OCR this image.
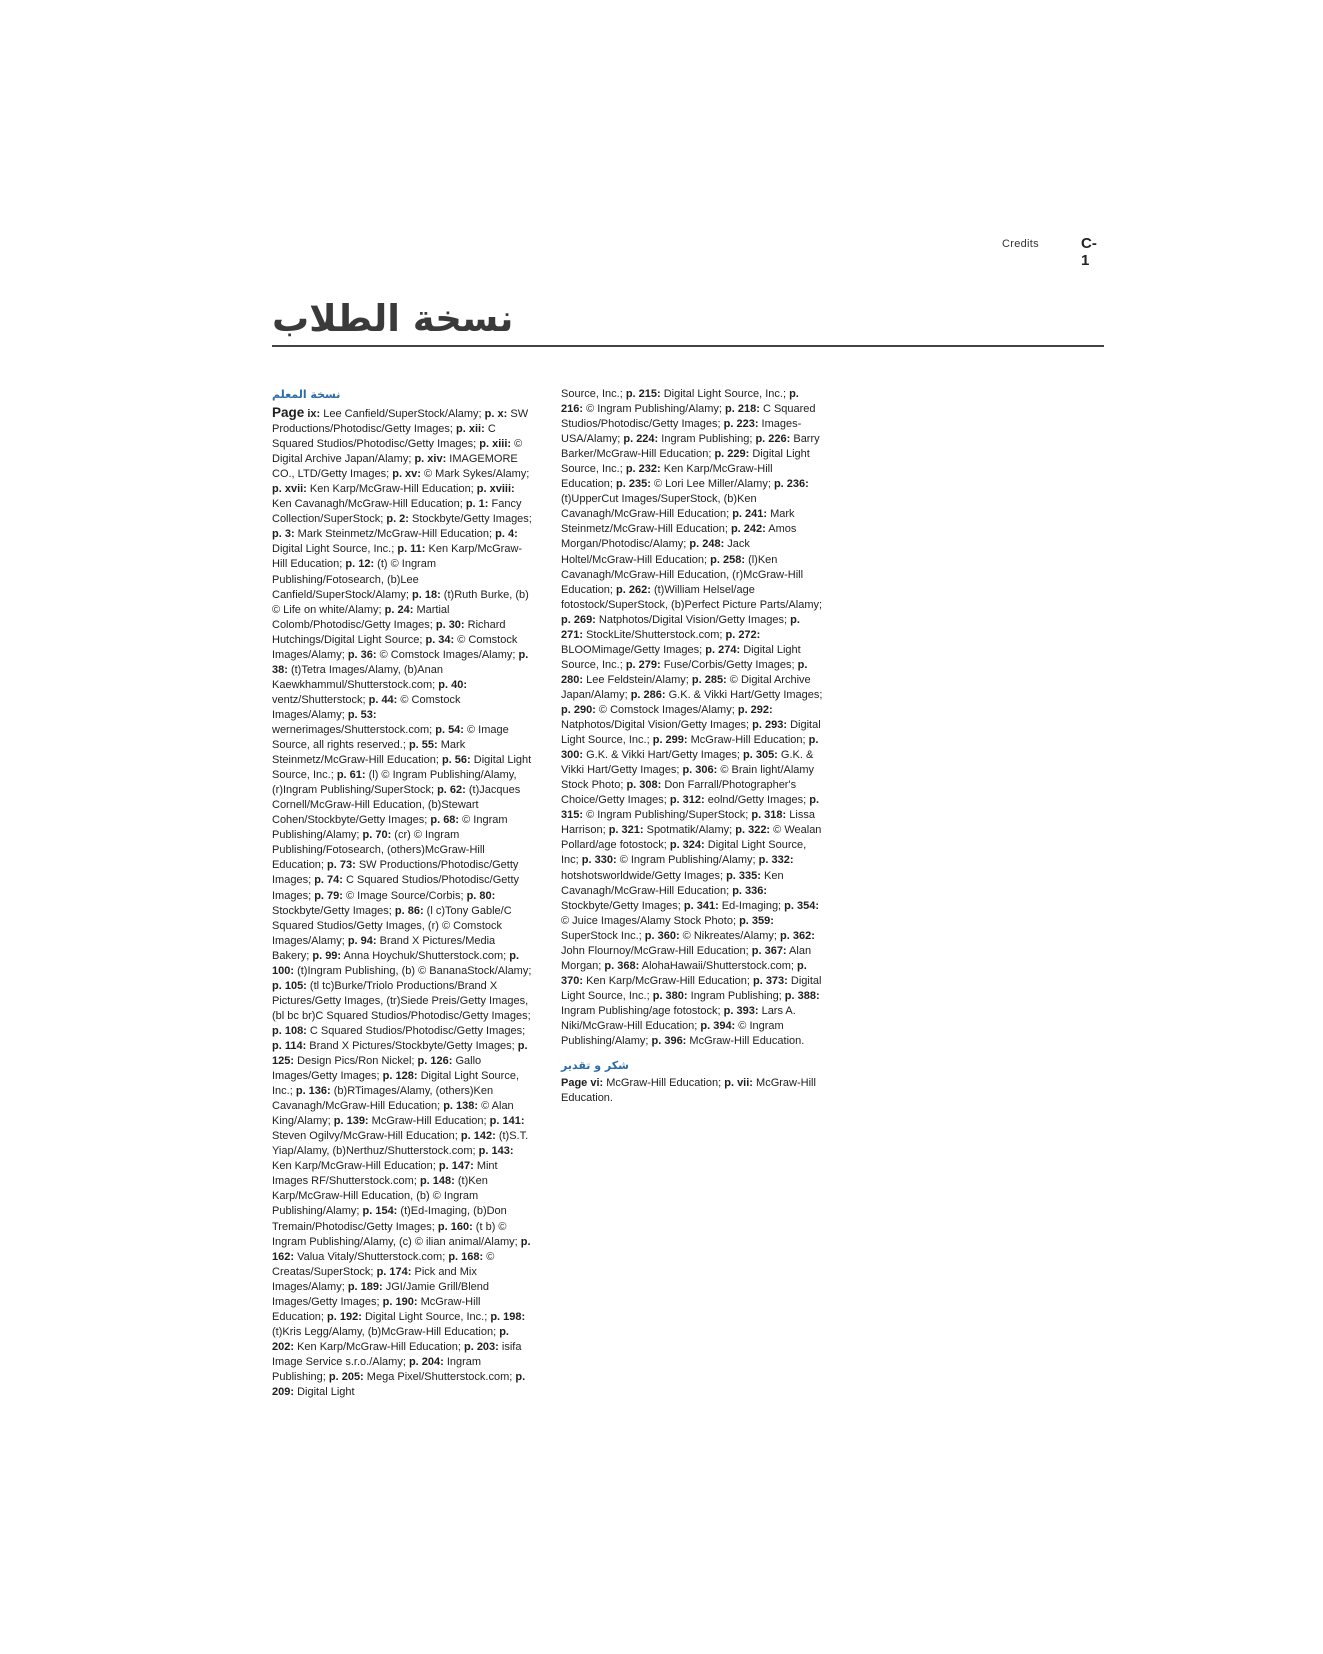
Credits	C-1
نسخة الطلاب
نسخة المعلم
Page ix: Lee Canfield/SuperStock/Alamy; p. x: SW Productions/Photodisc/Getty Images; p. xii: C Squared Studios/Photodisc/Getty Images; p. xiii: © Digital Archive Japan/Alamy; p. xiv: IMAGEMORE CO., LTD/Getty Images; p. xv: © Mark Sykes/Alamy; p. xvii: Ken Karp/McGraw-Hill Education; p. xviii: Ken Cavanagh/McGraw-Hill Education; p. 1: Fancy Collection/SuperStock; p. 2: Stockbyte/Getty Images; p. 3: Mark Steinmetz/McGraw-Hill Education; p. 4: Digital Light Source, Inc.; p. 11: Ken Karp/McGraw-Hill Education; p. 12: (t) © Ingram Publishing/Fotosearch, (b)Lee Canfield/SuperStock/Alamy; p. 18: (t)Ruth Burke, (b) © Life on white/Alamy; p. 24: Martial Colomb/Photodisc/Getty Images; p. 30: Richard Hutchings/Digital Light Source; p. 34: © Comstock Images/Alamy; p. 36: © Comstock Images/Alamy; p. 38: (t)Tetra Images/Alamy, (b)Anan Kaewkhammul/Shutterstock.com; p. 40: ventz/Shutterstock; p. 44: © Comstock Images/Alamy; p. 53: wernerimages/Shutterstock.com; p. 54: © Image Source, all rights reserved.; p. 55: Mark Steinmetz/McGraw-Hill Education; p. 56: Digital Light Source, Inc.; p. 61: (l) © Ingram Publishing/Alamy, (r)Ingram Publishing/SuperStock; p. 62: (t)Jacques Cornell/McGraw-Hill Education, (b)Stewart Cohen/Stockbyte/Getty Images; p. 68: © Ingram Publishing/Alamy; p. 70: (cr) © Ingram Publishing/Fotosearch, (others)McGraw-Hill Education; p. 73: SW Productions/Photodisc/Getty Images; p. 74: C Squared Studios/Photodisc/Getty Images; p. 79: © Image Source/Corbis; p. 80: Stockbyte/Getty Images; p. 86: (l c)Tony Gable/C Squared Studios/Getty Images, (r) © Comstock Images/Alamy; p. 94: Brand X Pictures/Media Bakery; p. 99: Anna Hoychuk/Shutterstock.com; p. 100: (t)Ingram Publishing, (b) © BananaStock/Alamy; p. 105: (tl tc)Burke/Triolo Productions/Brand X Pictures/Getty Images, (tr)Siede Preis/Getty Images, (bl bc br)C Squared Studios/Photodisc/Getty Images; p. 108: C Squared Studios/Photodisc/Getty Images; p. 114: Brand X Pictures/Stockbyte/Getty Images; p. 125: Design Pics/Ron Nickel; p. 126: Gallo Images/Getty Images; p. 128: Digital Light Source, Inc.; p. 136: (b)RTimages/Alamy, (others)Ken Cavanagh/McGraw-Hill Education; p. 138: © Alan King/Alamy; p. 139: McGraw-Hill Education; p. 141: Steven Ogilvy/McGraw-Hill Education; p. 142: (t)S.T. Yiap/Alamy, (b)Nerthuz/Shutterstock.com; p. 143: Ken Karp/McGraw-Hill Education; p. 147: Mint Images RF/Shutterstock.com; p. 148: (t)Ken Karp/McGraw-Hill Education, (b) © Ingram Publishing/Alamy; p. 154: (t)Ed-Imaging, (b)Don Tremain/Photodisc/Getty Images; p. 160: (t b) © Ingram Publishing/Alamy, (c) © ilian animal/Alamy; p. 162: Valua Vitaly/Shutterstock.com; p. 168: © Creatas/SuperStock; p. 174: Pick and Mix Images/Alamy; p. 189: JGI/Jamie Grill/Blend Images/Getty Images; p. 190: McGraw-Hill Education; p. 192: Digital Light Source, Inc.; p. 198: (t)Kris Legg/Alamy, (b)McGraw-Hill Education; p. 202: Ken Karp/McGraw-Hill Education; p. 203: isifa Image Service s.r.o./Alamy; p. 204: Ingram Publishing; p. 205: Mega Pixel/Shutterstock.com; p. 209: Digital Light
Source, Inc.; p. 215: Digital Light Source, Inc.; p. 216: © Ingram Publishing/Alamy; p. 218: C Squared Studios/Photodisc/Getty Images; p. 223: Images-USA/Alamy; p. 224: Ingram Publishing; p. 226: Barry Barker/McGraw-Hill Education; p. 229: Digital Light Source, Inc.; p. 232: Ken Karp/McGraw-Hill Education; p. 235: © Lori Lee Miller/Alamy; p. 236: (t)UpperCut Images/SuperStock, (b)Ken Cavanagh/McGraw-Hill Education; p. 241: Mark Steinmetz/McGraw-Hill Education; p. 242: Amos Morgan/Photodisc/Alamy; p. 248: Jack Holtel/McGraw-Hill Education; p. 258: (l)Ken Cavanagh/McGraw-Hill Education, (r)McGraw-Hill Education; p. 262: (t)William Helsel/age fotostock/SuperStock, (b)Perfect Picture Parts/Alamy; p. 269: Natphotos/Digital Vision/Getty Images; p. 271: StockLite/Shutterstock.com; p. 272: BLOOMimage/Getty Images; p. 274: Digital Light Source, Inc.; p. 279: Fuse/Corbis/Getty Images; p. 280: Lee Feldstein/Alamy; p. 285: © Digital Archive Japan/Alamy; p. 286: G.K. & Vikki Hart/Getty Images; p. 290: © Comstock Images/Alamy; p. 292: Natphotos/Digital Vision/Getty Images; p. 293: Digital Light Source, Inc.; p. 299: McGraw-Hill Education; p. 300: G.K. & Vikki Hart/Getty Images; p. 305: G.K. & Vikki Hart/Getty Images; p. 306: © Brain light/Alamy Stock Photo; p. 308: Don Farrall/Photographer's Choice/Getty Images; p. 312: eolnd/Getty Images; p. 315: © Ingram Publishing/SuperStock; p. 318: Lissa Harrison; p. 321: Spotmatik/Alamy; p. 322: © Wealan Pollard/age fotostock; p. 324: Digital Light Source, Inc; p. 330: © Ingram Publishing/Alamy; p. 332: hotshotsworldwide/Getty Images; p. 335: Ken Cavanagh/McGraw-Hill Education; p. 336: Stockbyte/Getty Images; p. 341: Ed-Imaging; p. 354: © Juice Images/Alamy Stock Photo; p. 359: SuperStock Inc.; p. 360: © Nikreates/Alamy; p. 362: John Flournoy/McGraw-Hill Education; p. 367: Alan Morgan; p. 368: AlohaHawaii/Shutterstock.com; p. 370: Ken Karp/McGraw-Hill Education; p. 373: Digital Light Source, Inc.; p. 380: Ingram Publishing; p. 388: Ingram Publishing/age fotostock; p. 393: Lars A. Niki/McGraw-Hill Education; p. 394: © Ingram Publishing/Alamy; p. 396: McGraw-Hill Education.
شكر و تقدير
Page vi: McGraw-Hill Education; p. vii: McGraw-Hill Education.
